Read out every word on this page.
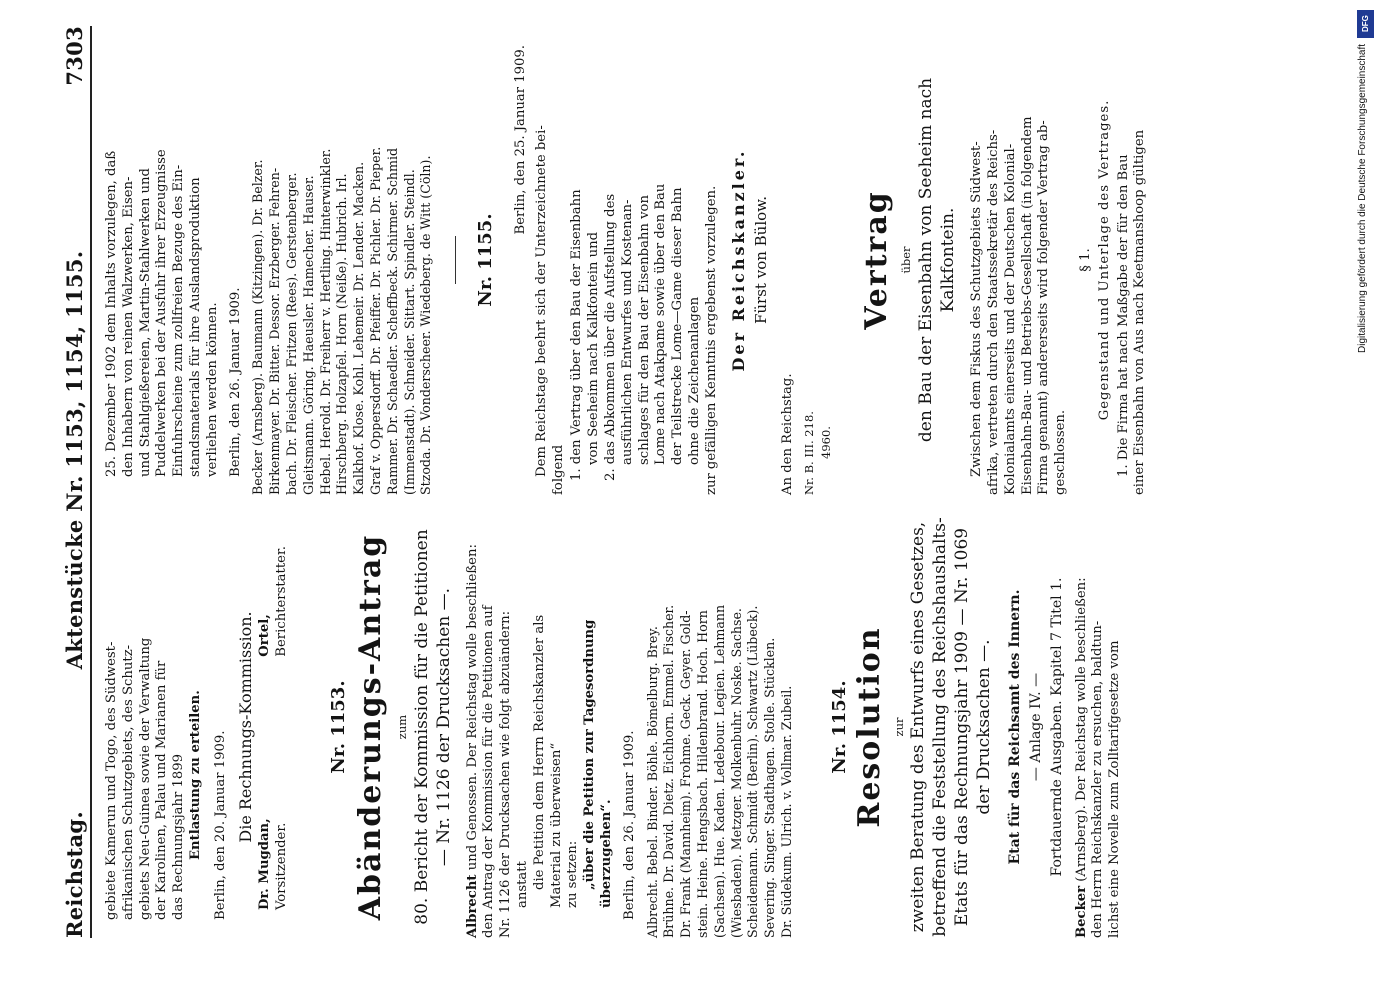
Reichstag.
Aktenstücke Nr. 1153, 1154, 1155.
7303

gebiete Kamerun und Togo, des Südwest- afrikanischen Schutzgebiets, des Schutz- gebiets Neu-Guinea sowie der Verwaltung der Karolinen, Palau und Marianen für das Rechnungsjahr 1899 Entlastung zu erteilen. Berlin, den 20. Januar 1909. Die Rechnungs-Kommission.

Dr. Mugdan, Vorsitzender.

Ortel, Berichterstatter.

Nr. 1153. Abänderungs-Antrag zum 80. Bericht der Kommission für die Petitionen — Nr. 1126 der Drucksachen —.

Albrecht und Genossen. Der Reichstag wolle beschließen: den Antrag der Kommission für die Petitionen auf Nr. 1126 der Drucksachen wie folgt abzuändern: anstatt die Petition dem Herrn Reichskanzler als Material zu überweisen“ zu setzen: „über die Petition zur Tagesordnung überzugehen“. Berlin, den 26. Januar 1909. Albrecht. Bebel. Binder. Böhle. Bömelburg. Brey. Brühne. Dr. David. Dietz. Eichhorn. Emmel. Fischer. Dr. Frank (Mannheim). Frohme. Geck. Geyer. Gold- stein. Heine. Hengsbach. Hildenbrand. Hoch. Horn (Sachsen). Hue. Kaden. Ledebour. Legien. Lehmann (Wiesbaden). Metzger. Molkenbuhr. Noske. Sachse. Scheidemann. Schmidt (Berlin). Schwartz (Lübeck). Severing. Singer. Stadthagen. Stolle. Stücklen. Dr. Südekum. Ulrich. v. Vollmar. Zubeil. Nr. 1154. Resolution zur zweiten Beratung des Entwurfs eines Gesetzes, betreffend die Feststellung des Reichshaushalts- Etats für das Rechnungsjahr 1909 — Nr. 1069 der Drucksachen —. Etat für das Reichsamt des Innern. — Anlage IV. — Fortdauernde Ausgaben. Kapitel 7 Titel 1.

Becker (Arnsberg). Der Reichstag wolle beschließen: den Herrn Reichskanzler zu ersuchen, baldtun- lichst eine Novelle zum Zolltarifgesetze vom

25. Dezember 1902 dem Inhalts vorzulegen, daß den Inhabern von reinen Walzwerken, Eisen- und Stahlgießereien, Martin-Stahlwerken und Puddelwerken bei der Ausfuhr ihrer Erzeugnisse Einfuhrscheine zum zollfreien Bezuge des Ein- standsmaterials für ihre Auslandsproduktion verliehen werden können. Berlin, den 26. Januar 1909. Becker (Arnsberg). Baumann (Kitzingen). Dr. Belzer. Birkenmayer. Dr. Bitter. Dessor. Erzberger. Fehren- bach. Dr. Fleischer. Fritzen (Rees). Gerstenberger. Gleitsmann. Göring. Haeusler. Hamecher. Hauser. Hebel. Herold. Dr. Freiherr v. Hertling. Hinterwinkler. Hirschberg. Holzapfel. Horn (Neiße). Hubrich. Irl. Kalkhof. Klose. Kohl. Lehemeir. Dr. Lender. Macken. Graf v. Oppersdorff. Dr. Pfeiffer. Dr. Pichler. Dr. Pieper. Rammer. Dr. Schaedler. Scheffbeck. Schirmer. Schmid (Immenstadt). Schneider. Sittart. Spindler. Steindl. Stzoda. Dr. Vonderscheer. Wiedeberg. de Witt (Cöln). Nr. 1155.

Berlin, den 25. Januar 1909. Dem Reichstage beehrt sich der Unterzeichnete bei- folgend 1. den Vertrag über den Bau der Eisenbahn von Seeheim nach Kalkfontein und 2. das Abkommen über die Aufstellung des ausführlichen Entwurfes und Kostenan- schlages für den Bau der Eisenbahn von Lome nach Atakpame sowie über den Bau der Teilstrecke Lome—Game dieser Bahn ohne die Zeichenanlagen zur gefälligen Kenntnis ergebenst vorzulegen. Der Reichskanzler. Fürst von Bülow.

An den Reichstag. Nr. B. III. 218. 4960.

Vertrag über den Bau der Eisenbahn von Seeheim nach Kalkfontein. Zwischen dem Fiskus des Schutzgebiets Südwest- afrika, vertreten durch den Staatssekretär des Reichs- Kolonialamts einerseits und der Deutschen Kolonial- Eisenbahn-Bau- und Betriebs-Gesellschaft (in folgendem Firma genannt) andererseits wird folgender Vertrag ab- geschlossen.

§ 1. Gegenstand und Unterlage des Vertrages. 1. Die Firma hat nach Maßgabe der für den Bau einer Eisenbahn von Aus nach Keetmanshoop gültigen

DFG
Digitalisierung gefördert durch die Deutsche Forschungsgemeinschaft
